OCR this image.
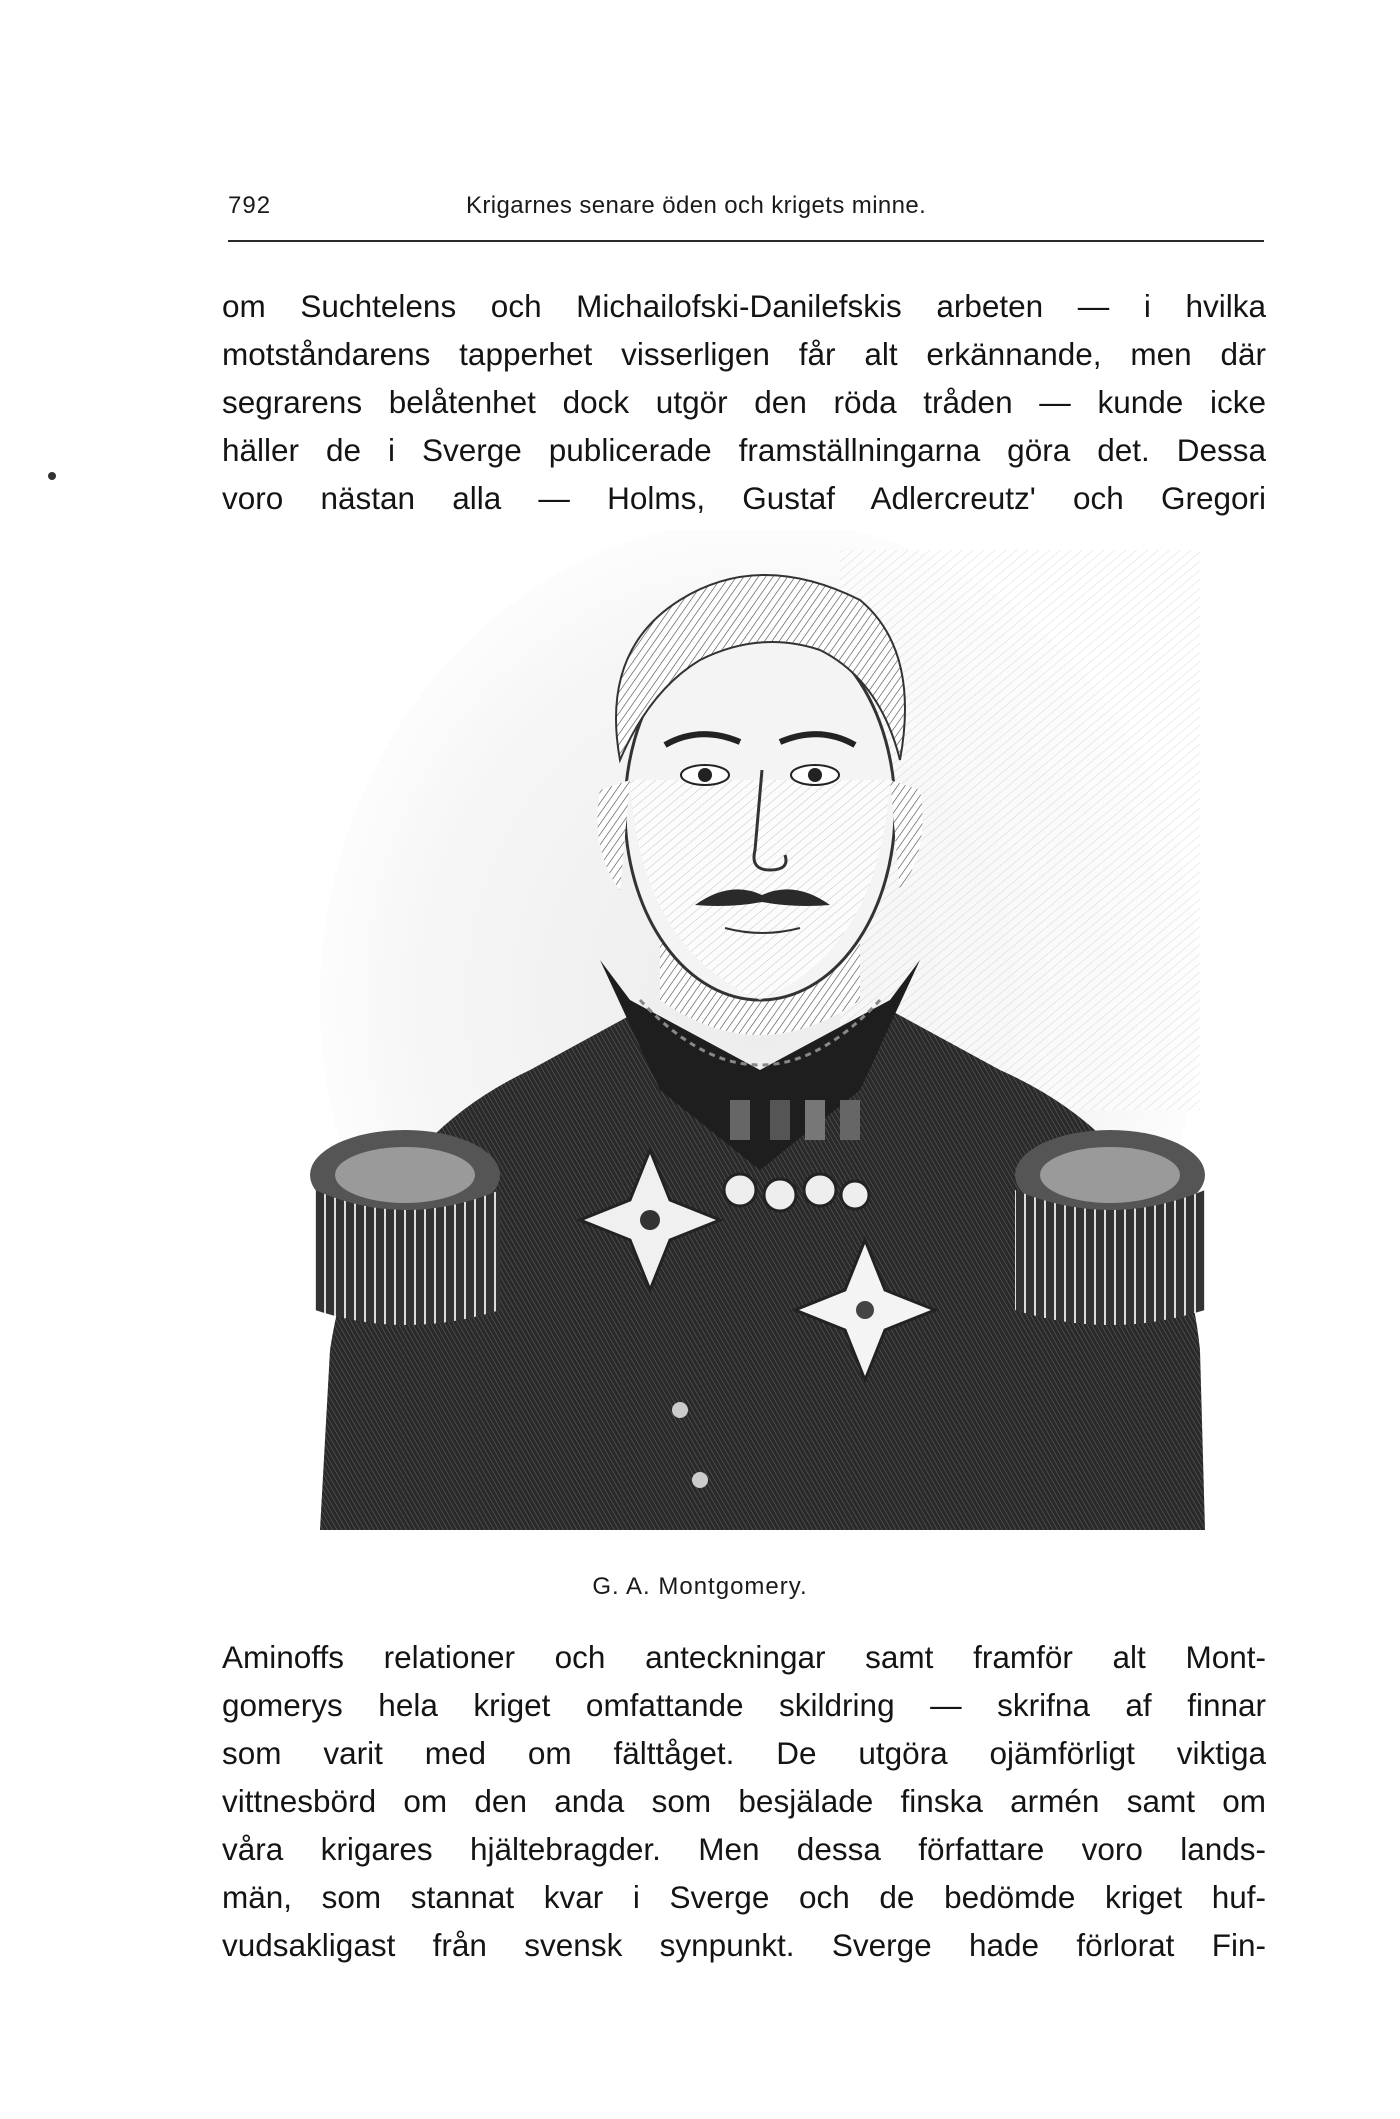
792	Krigarnes senare öden och krigets minne.
om Suchtelens och Michailofski-Danilefskis arbeten — i hvilka
motståndarens tapperhet visserligen får alt erkännande, men där
segrarens belåtenhet dock utgör den röda tråden — kunde icke
häller de i Sverge publicerade framställningarna göra det. Dessa
voro nästan alla — Holms, Gustaf Adlercreutz' och Gregori
G. A. Montgomery.
Aminoffs relationer och anteckningar samt framför alt Mont-
gomerys hela kriget omfattande skildring — skrifna af finnar
som varit med om fälttåget. De utgöra ojämförligt viktiga
vittnesbörd om den anda som besjälade finska armén samt om
våra krigares hjältebragder. Men dessa författare voro lands-
män, som stannat kvar i Sverge och de bedömde kriget huf-
vudsakligast från svensk synpunkt. Sverge hade förlorat Fin-
